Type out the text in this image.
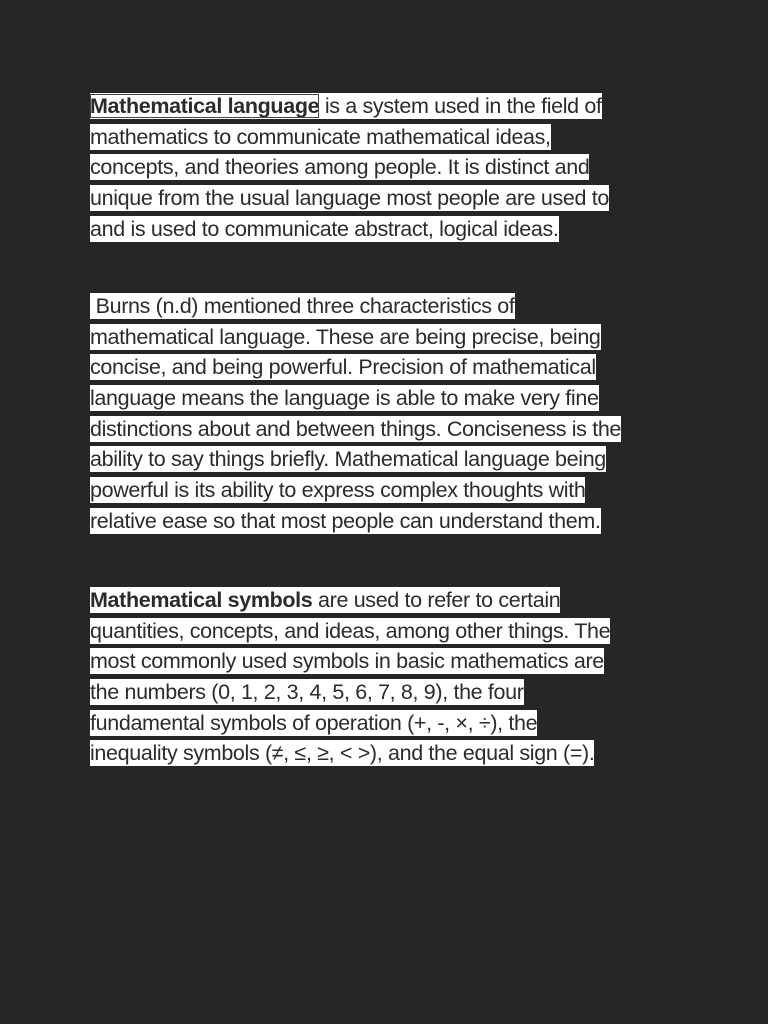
Mathematical language is a system used in the field of
mathematics to communicate mathematical ideas,
concepts, and theories among people. It is distinct and
unique from the usual language most people are used to
and is used to communicate abstract, logical ideas.
Burns (n.d) mentioned three characteristics of
mathematical language. These are being precise, being
concise, and being powerful. Precision of mathematical
language means the language is able to make very fine
distinctions about and between things. Conciseness is the
ability to say things briefly. Mathematical language being
powerful is its ability to express complex thoughts with
relative ease so that most people can understand them.
Mathematical symbols are used to refer to certain
quantities, concepts, and ideas, among other things. The
most commonly used symbols in basic mathematics are
the numbers (0, 1, 2, 3, 4, 5, 6, 7, 8, 9), the four
fundamental symbols of operation (+, -, ×, ÷), the
inequality symbols (≠, ≤, ≥, < >), and the equal sign (=).
